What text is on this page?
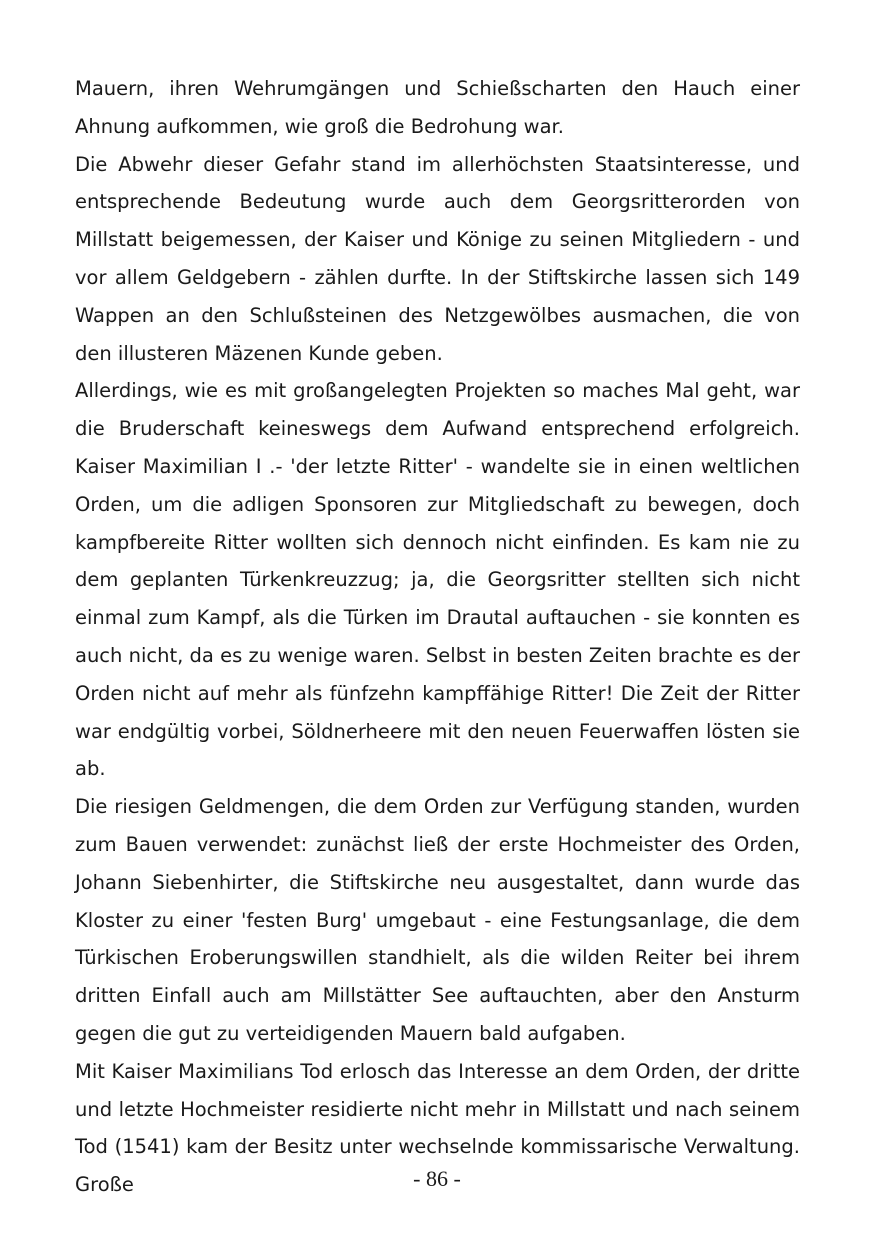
Mauern, ihren Wehrumgängen und Schießscharten den Hauch einer Ahnung aufkommen, wie groß die Bedrohung war.

Die Abwehr dieser Gefahr stand im allerhöchsten Staatsinteresse, und entsprechende Bedeutung wurde auch dem Georgsritterorden von Millstatt beigemessen, der Kaiser und Könige zu seinen Mitgliedern - und vor allem Geldgebern - zählen durfte. In der Stiftskirche lassen sich 149 Wappen an den Schlußsteinen des Netzgewölbes ausmachen, die von den illusteren Mäzenen Kunde geben.

Allerdings, wie es mit großangelegten Projekten so maches Mal geht, war die Bruderschaft keineswegs dem Aufwand entsprechend erfolgreich. Kaiser Maximilian I .- 'der letzte Ritter' - wandelte sie in einen weltlichen Orden, um die adligen Sponsoren zur Mitgliedschaft zu bewegen, doch kampfbereite Ritter wollten sich dennoch nicht einfinden. Es kam nie zu dem geplanten Türkenkreuzzug; ja, die Georgsritter stellten sich nicht einmal zum Kampf, als die Türken im Drautal auftauchen - sie konnten es auch nicht, da es zu wenige waren. Selbst in besten Zeiten brachte es der Orden nicht auf mehr als fünfzehn kampffähige Ritter! Die Zeit der Ritter war endgültig vorbei, Söldnerheere mit den neuen Feuerwaffen lösten sie ab.

Die riesigen Geldmengen, die dem Orden zur Verfügung standen, wurden zum Bauen verwendet: zunächst ließ der erste Hochmeister des Orden, Johann Siebenhirter, die Stiftskirche neu ausgestaltet, dann wurde das Kloster zu einer 'festen Burg' umgebaut - eine Festungsanlage, die dem Türkischen Eroberungswillen standhielt, als die wilden Reiter bei ihrem dritten Einfall auch am Millstätter See auftauchten, aber den Ansturm gegen die gut zu verteidigenden Mauern bald aufgaben.

Mit Kaiser Maximilians Tod erlosch das Interesse an dem Orden, der dritte und letzte Hochmeister residierte nicht mehr in Millstatt und nach seinem Tod (1541) kam der Besitz unter wechselnde kommissarische Verwaltung. Große	- 86 -
